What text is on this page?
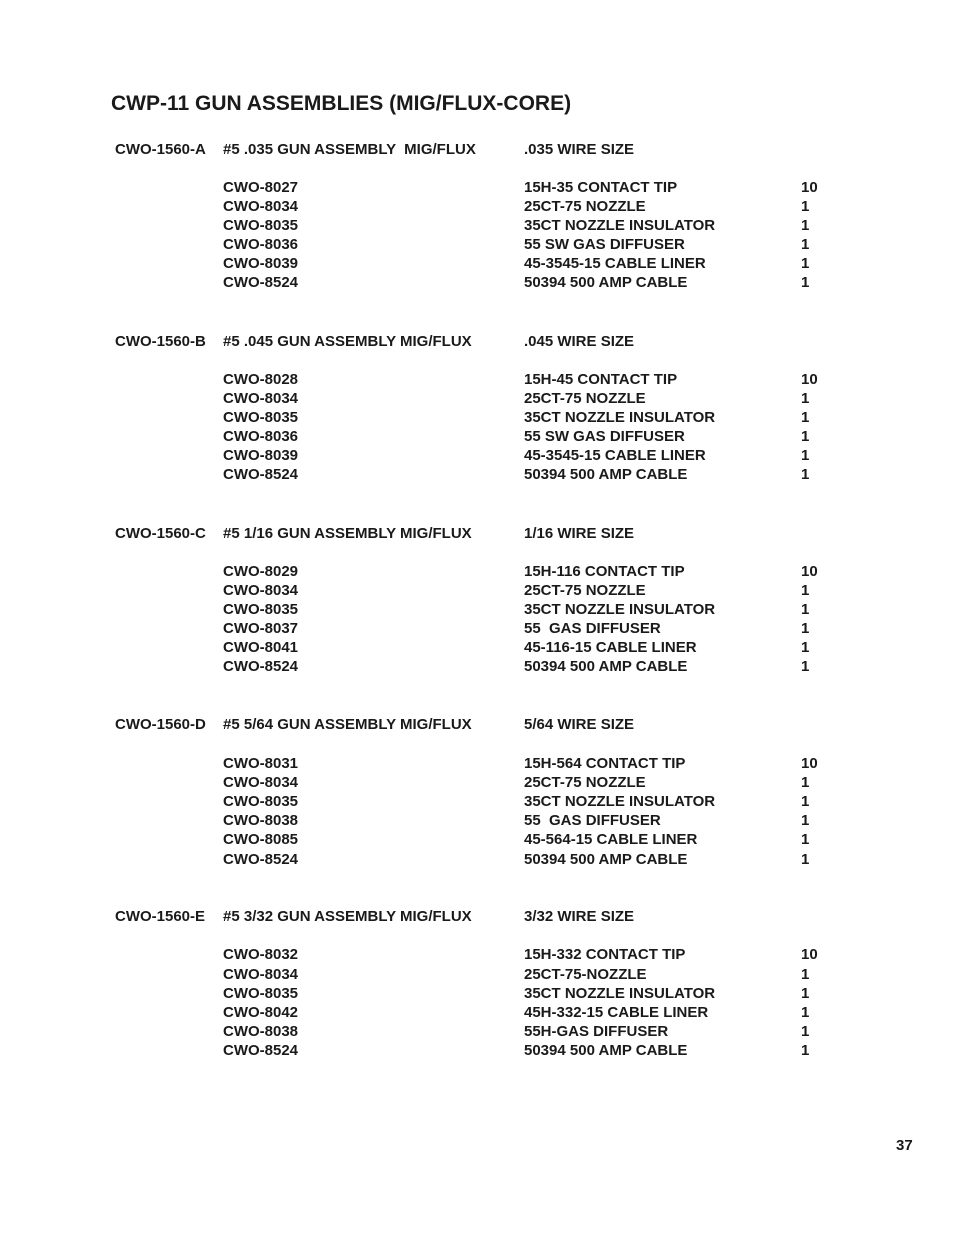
CWP-11 GUN ASSEMBLIES (MIG/FLUX-CORE)
CWO-1560-A #5 .035 GUN ASSEMBLY  MIG/FLUX	.035 WIRE SIZE
CWO-8027	15H-35 CONTACT TIP	10
CWO-8034	25CT-75 NOZZLE	1
CWO-8035	35CT NOZZLE INSULATOR	1
CWO-8036	55 SW GAS DIFFUSER	1
CWO-8039	45-3545-15 CABLE LINER	1
CWO-8524	50394 500 AMP CABLE	1
CWO-1560-B #5 .045 GUN ASSEMBLY MIG/FLUX	.045 WIRE SIZE
CWO-8028	15H-45 CONTACT TIP	10
CWO-8034	25CT-75 NOZZLE	1
CWO-8035	35CT NOZZLE INSULATOR	1
CWO-8036	55 SW GAS DIFFUSER	1
CWO-8039	45-3545-15 CABLE LINER	1
CWO-8524	50394 500 AMP CABLE	1
CWO-1560-C #5 1/16 GUN ASSEMBLY MIG/FLUX	1/16 WIRE SIZE
CWO-8029	15H-116 CONTACT TIP	10
CWO-8034	25CT-75 NOZZLE	1
CWO-8035	35CT NOZZLE INSULATOR	1
CWO-8037	55  GAS DIFFUSER	1
CWO-8041	45-116-15 CABLE LINER	1
CWO-8524	50394 500 AMP CABLE	1
CWO-1560-D #5 5/64 GUN ASSEMBLY MIG/FLUX	5/64 WIRE SIZE
CWO-8031	15H-564 CONTACT TIP	10
CWO-8034	25CT-75 NOZZLE	1
CWO-8035	35CT NOZZLE INSULATOR	1
CWO-8038	55  GAS DIFFUSER	1
CWO-8085	45-564-15 CABLE LINER	1
CWO-8524	50394 500 AMP CABLE	1
CWO-1560-E #5 3/32 GUN ASSEMBLY MIG/FLUX	3/32 WIRE SIZE
CWO-8032	15H-332 CONTACT TIP	10
CWO-8034	25CT-75-NOZZLE	1
CWO-8035	35CT NOZZLE INSULATOR	1
CWO-8042	45H-332-15 CABLE LINER	1
CWO-8038	55H-GAS DIFFUSER	1
CWO-8524	50394 500 AMP CABLE	1
37
